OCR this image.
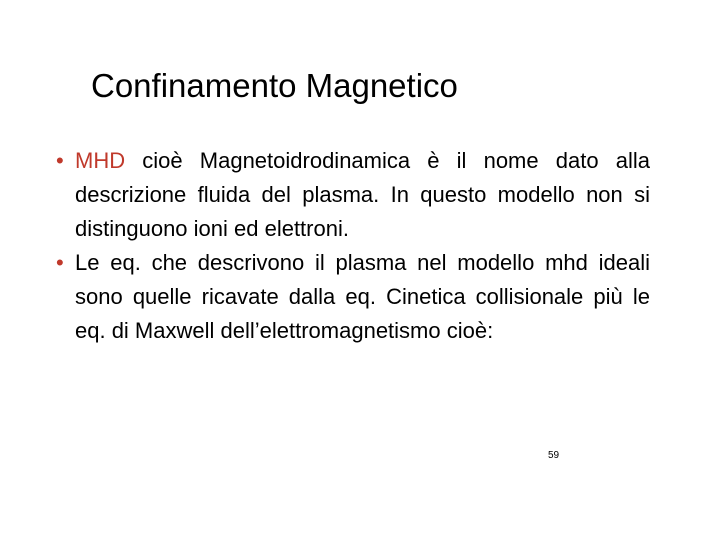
Confinamento Magnetico
• MHD cioè Magnetoidrodinamica è il nome dato alla descrizione fluida del plasma. In questo modello non si distinguono ioni ed elettroni.
• Le eq. che descrivono il plasma nel modello mhd ideali sono quelle ricavate dalla eq. Cinetica collisionale più le eq. di Maxwell dell’elettromagnetismo cioè:
59
